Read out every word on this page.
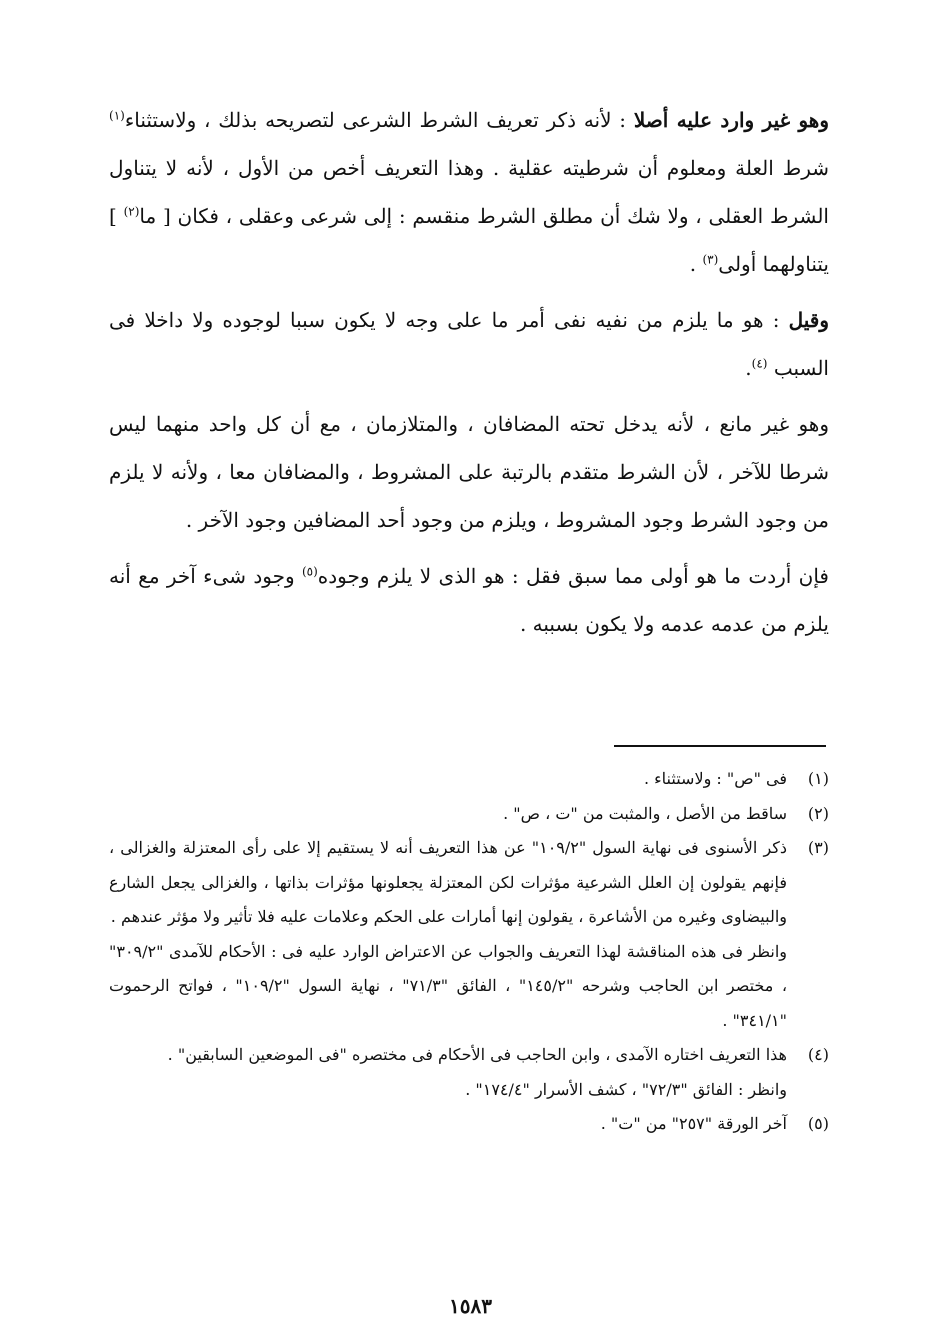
وهو غير وارد عليه أصلا : لأنه ذكر تعريف الشرط الشرعى لتصريحه بذلك ، ولاستثناء$^{(١)}$ شرط العلة ومعلوم أن شرطيته عقلية . وهذا التعريف أخص من الأول ، لأنه لا يتناول الشرط العقلى ، ولا شك أن مطلق الشرط منقسم : إلى شرعى وعقلى ، فكان [ ما$^{(٢)}$ ] يتناولهما أولى$^{(٣)}$ .

وقيل : هو ما يلزم من نفيه نفى أمر ما على وجه لا يكون سببا لوجوده ولا داخلا فى السبب $^{(٤)}$.

وهو غير مانع ، لأنه يدخل تحته المضافان ، والمتلازمان ، مع أن كل واحد منهما ليس شرطا للآخر ، لأن الشرط متقدم بالرتبة على المشروط ، والمضافان معا ، ولأنه لا يلزم من وجود الشرط وجود المشروط ، ويلزم من وجود أحد المضافين وجود الآخر .

فإن أردت ما هو أولى مما سبق فقل : هو الذى لا يلزم وجوده$^{(٥)}$ وجود شىء آخر مع أنه يلزم من عدمه عدمه ولا يكون بسببه .

(١)
فى "ص" : ولاستثناء .
(٢)
ساقط من الأصل ، والمثبت من "ت ، ص" .
(٣)
ذكر الأسنوى فى نهاية السول "١٠٩/٢" عن هذا التعريف أنه لا يستقيم إلا على رأى المعتزلة والغزالى ، فإنهم يقولون إن العلل الشرعية مؤثرات لكن المعتزلة يجعلونها مؤثرات بذاتها ، والغزالى يجعل الشارع والبيضاوى وغيره من الأشاعرة ، يقولون إنها أمارات على الحكم وعلامات عليه فلا تأثير ولا مؤثر عندهم .
وانظر فى هذه المناقشة لهذا التعريف والجواب عن الاعتراض الوارد عليه فى : الأحكام للآمدى "٣٠٩/٢" ، مختصر ابن الحاجب وشرحه "١٤٥/٢" ، الفائق "٧١/٣" ، نهاية السول "١٠٩/٢" ، فواتح الرحموت "٣٤١/١" .
(٤)
هذا التعريف اختاره الآمدى ، وابن الحاجب فى الأحكام فى مختصره "فى الموضعين السابقين" .
وانظر : الفائق "٧٢/٣" ، كشف الأسرار "١٧٤/٤" .
(٥)
آخر الورقة "٢٥٧" من "ت" .
١٥٨٣
